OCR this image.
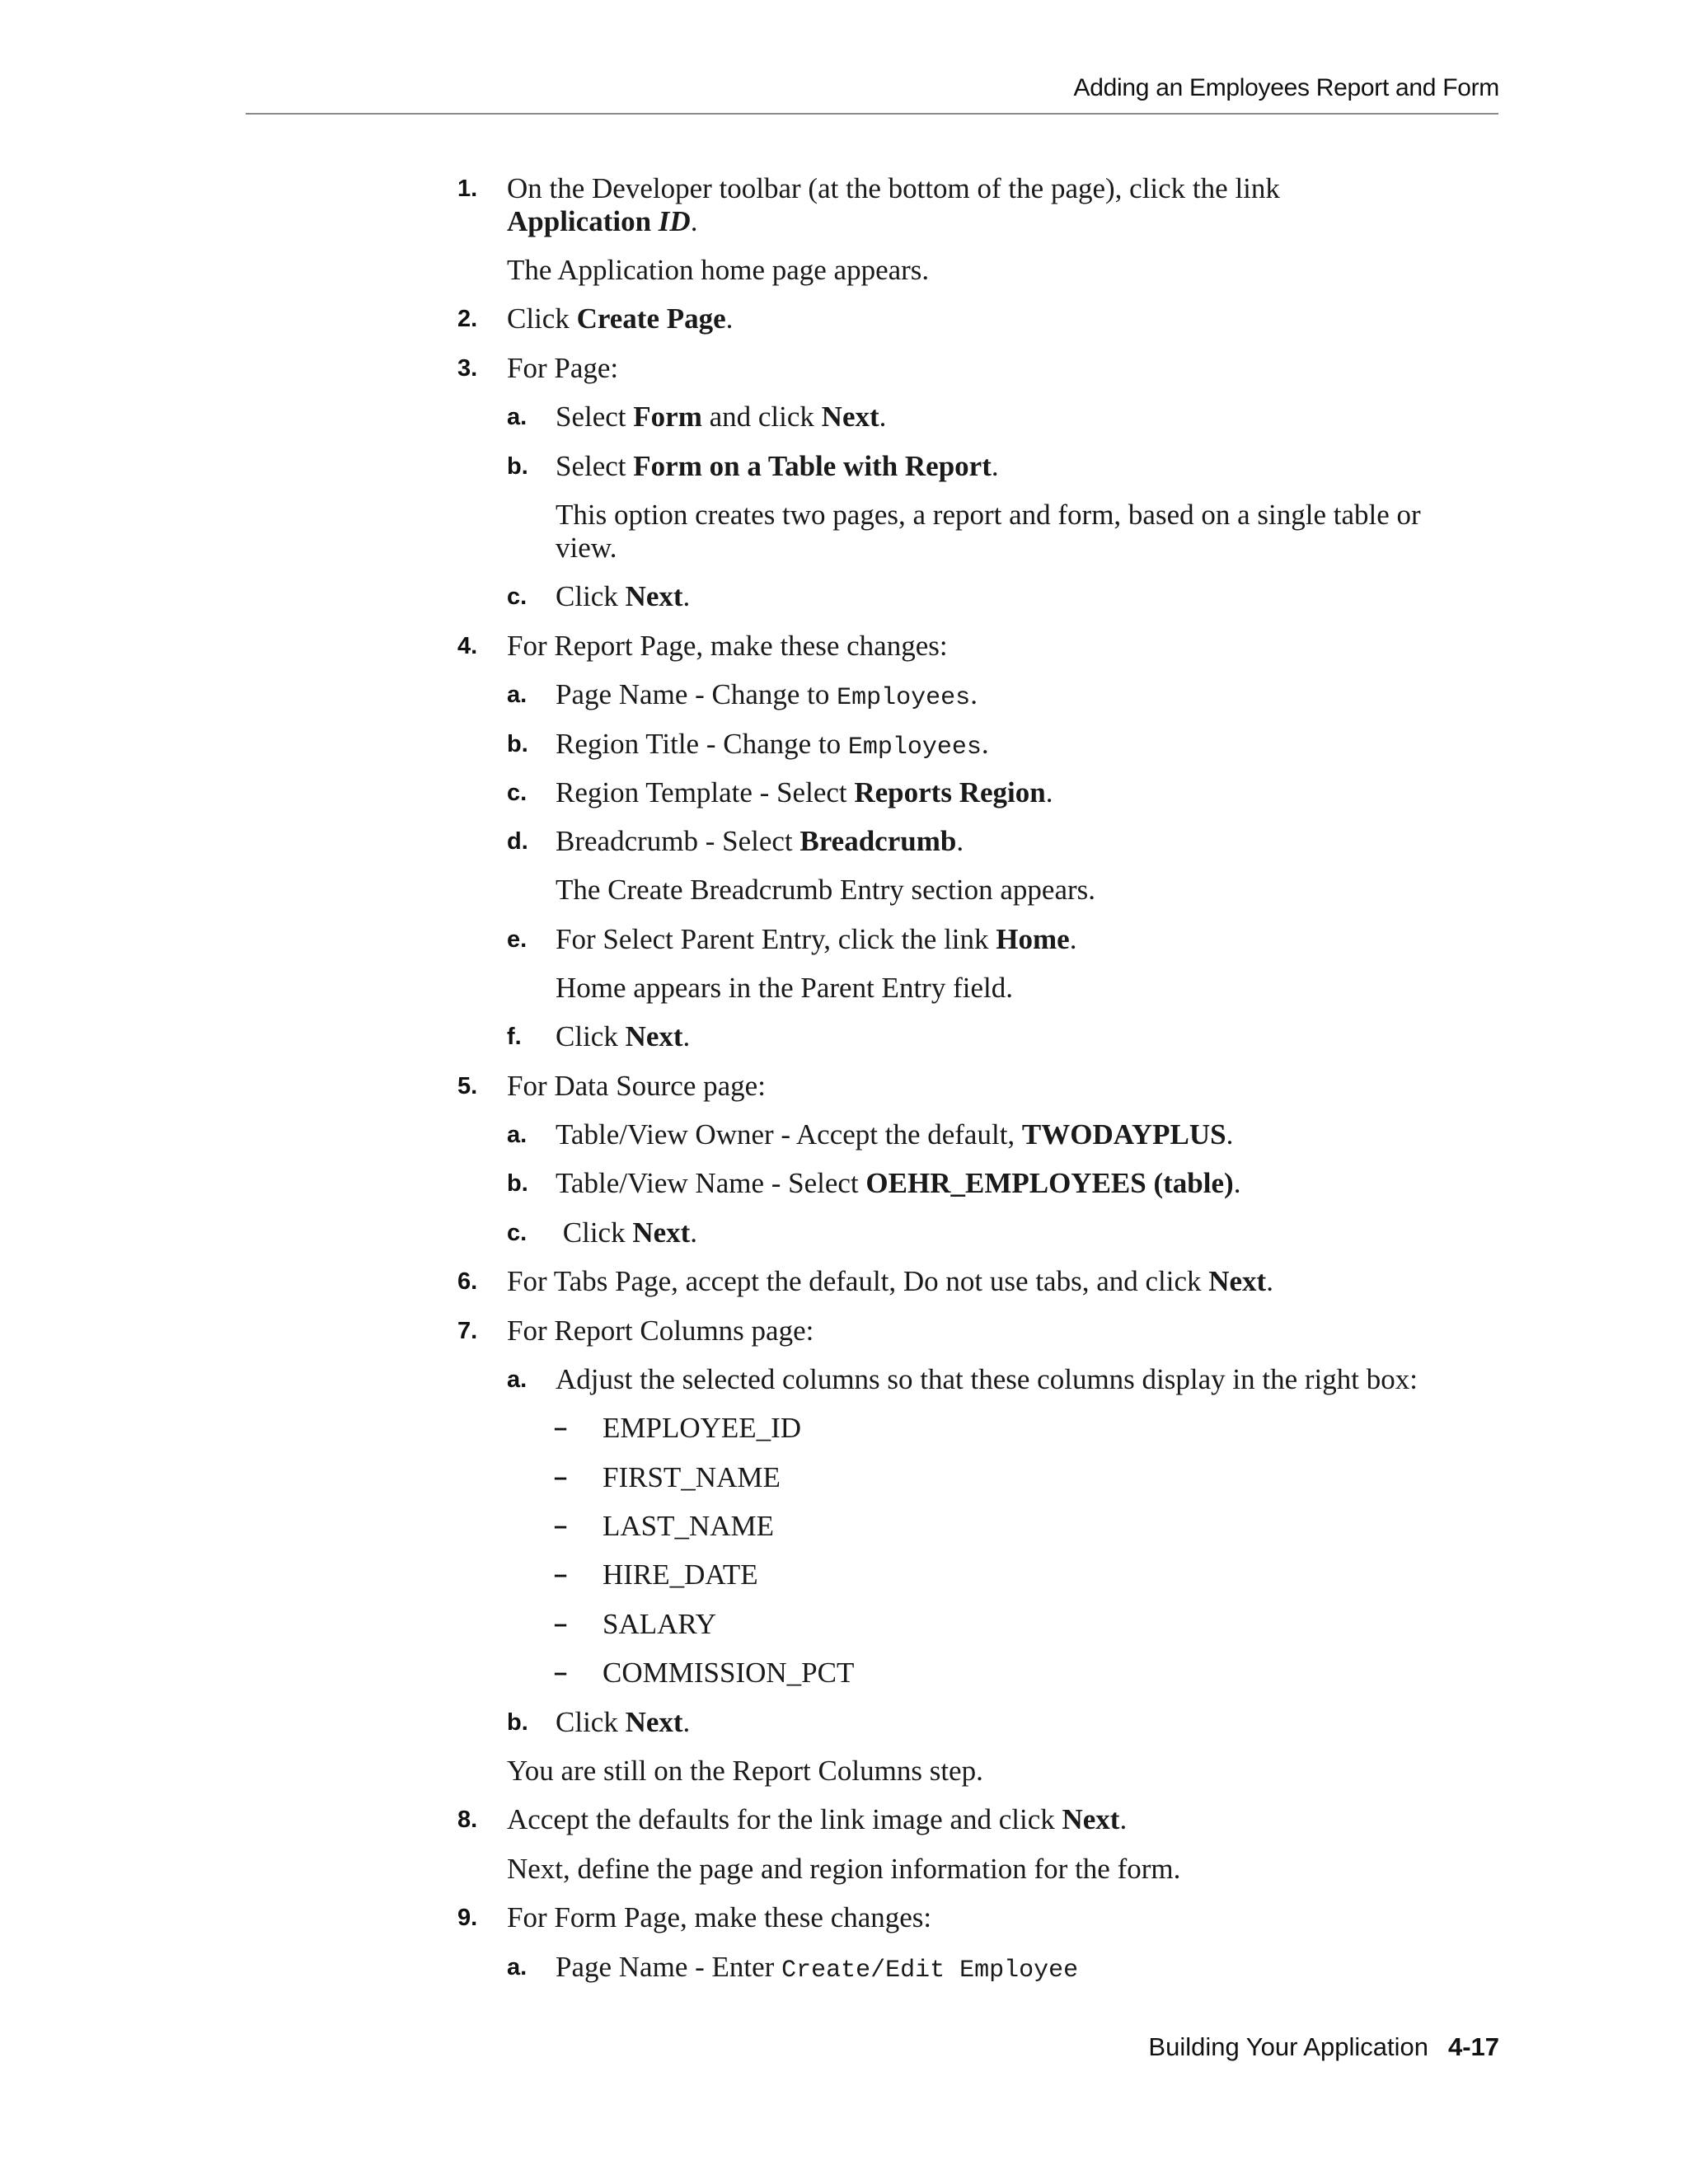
Adding an Employees Report and Form
1. On the Developer toolbar (at the bottom of the page), click the link
Application ID.
The Application home page appears.
2. Click Create Page.
3. For Page:
a. Select Form and click Next.
b. Select Form on a Table with Report.
This option creates two pages, a report and form, based on a single table or
view.
c. Click Next.
4. For Report Page, make these changes:
a. Page Name - Change to Employees.
b. Region Title - Change to Employees.
c. Region Template - Select Reports Region.
d. Breadcrumb - Select Breadcrumb.
The Create Breadcrumb Entry section appears.
e. For Select Parent Entry, click the link Home.
Home appears in the Parent Entry field.
f. Click Next.
5. For Data Source page:
a. Table/View Owner - Accept the default, TWODAYPLUS.
b. Table/View Name - Select OEHR_EMPLOYEES (table).
c. Click Next.
6. For Tabs Page, accept the default, Do not use tabs, and click Next.
7. For Report Columns page:
a. Adjust the selected columns so that these columns display in the right box:
– EMPLOYEE_ID
– FIRST_NAME
– LAST_NAME
– HIRE_DATE
– SALARY
– COMMISSION_PCT
b. Click Next.
You are still on the Report Columns step.
8. Accept the defaults for the link image and click Next.
Next, define the page and region information for the form.
9. For Form Page, make these changes:
a. Page Name - Enter Create/Edit Employee
Building Your Application 4-17
